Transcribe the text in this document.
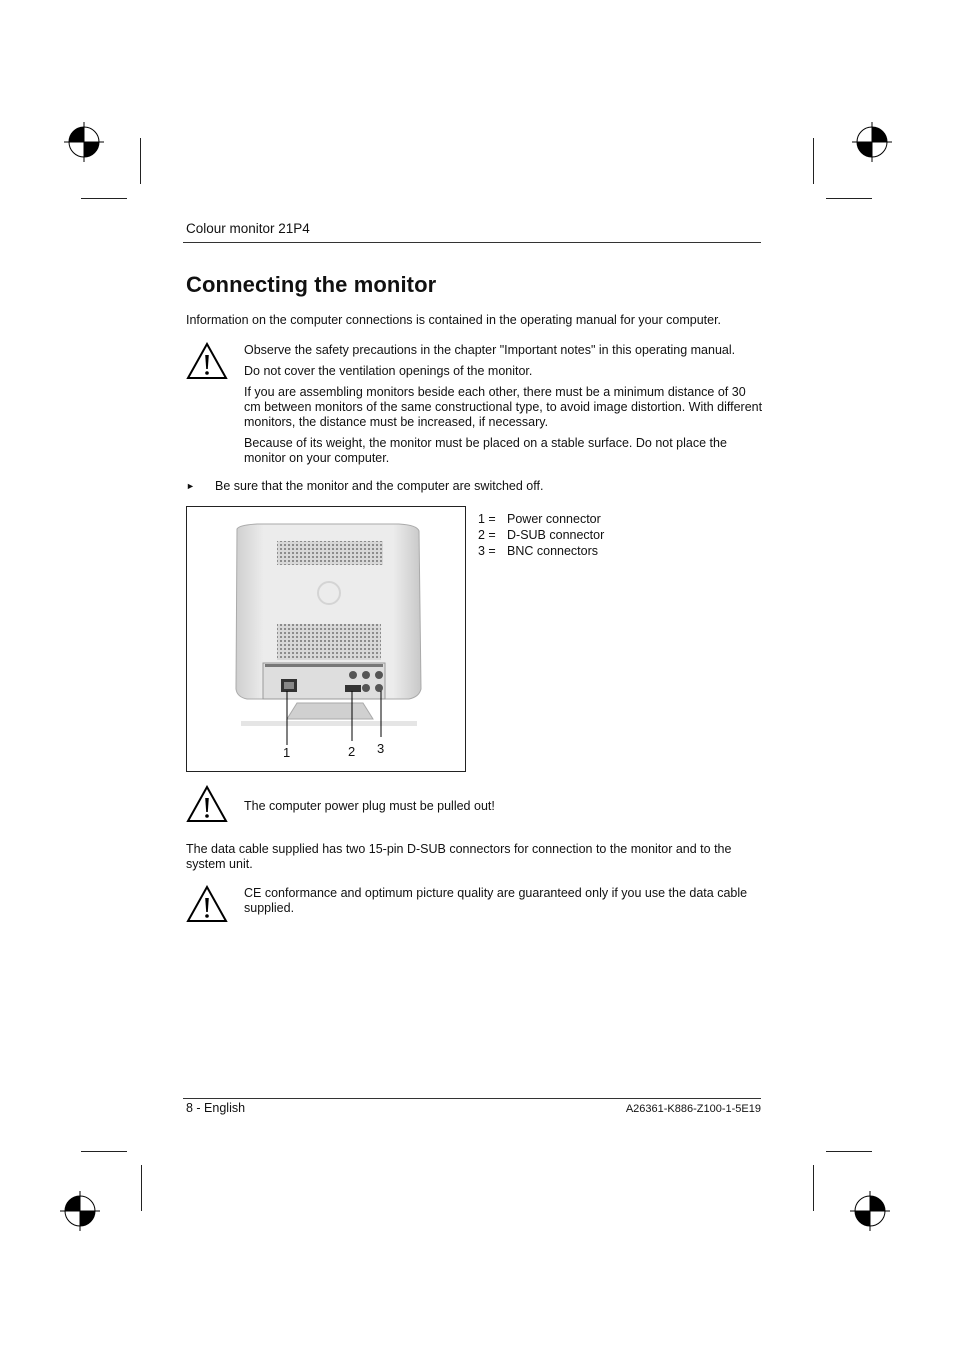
Colour monitor 21P4
Connecting the monitor
Information on the computer connections is contained in the operating manual for your computer.

Observe the safety precautions in the chapter "Important notes" in this operating manual.

Do not cover the ventilation openings of the monitor.

If you are assembling monitors beside each other, there must be a minimum distance of 30 cm between monitors of the same constructional type, to avoid image distortion. With different monitors, the distance must be increased, if necessary.

Because of its weight, the monitor must be placed on a stable surface. Do not place the monitor on your computer.

► Be sure that the monitor and the computer are switched off.
1	2 3
1 = Power connector
2 = D-SUB connector
3 = BNC connectors
The computer power plug must be pulled out!
The data cable supplied has two 15-pin D-SUB connectors for connection to the monitor and to the system unit.
CE conformance and optimum picture quality are guaranteed only if you use the data cable supplied.
8 - English	A26361-K886-Z100-1-5E19
